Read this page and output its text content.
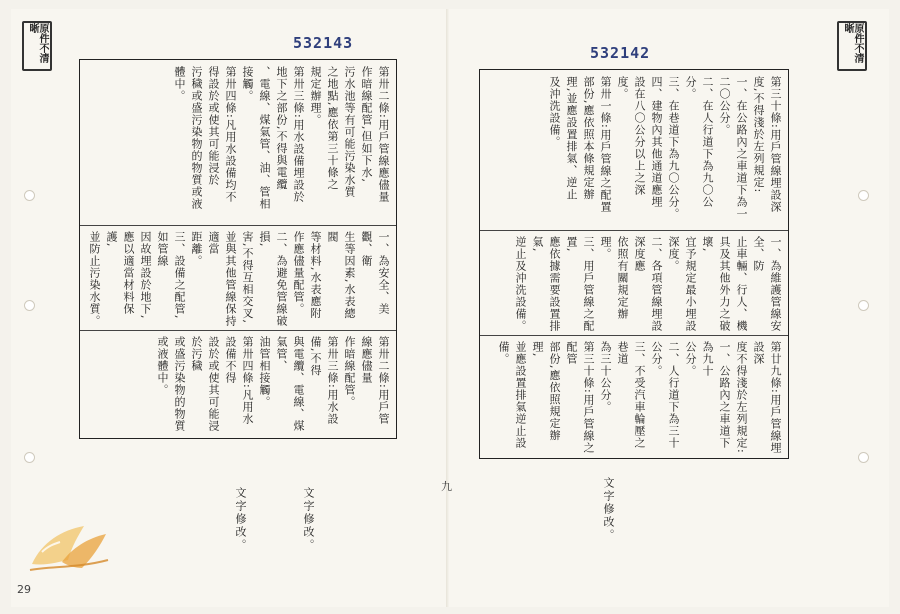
532143
第卅二條:用戶管線應儘量
作暗線配管,但如下水,
污水池等有可能污染水質
之地點,應依第三十條之
規定辦理。
第卅三條:用水設備埋設於
地下之部份,不得與電纜
、電線、煤氣管、油、管相
接觸。
第卅四條:凡用水設備均不
得設於或使其可能浸於
污穢或盛污染物的物質或液
體中。
一、為安全、美觀、衛
生等因素,水表總閥
等材料,水表應附
作應儘量配管。
二、為避免管線破損,
害,不得互相交叉,
並與其他管線保持適當
距離。
三、設備之配管,如管線
因故埋設於地下,
應以適當材料保護,
並防止污染水質。
第卅二條:用戶管線應儘量
作暗線配管。
第卅三條:用水設備,不得
與電纜、電線、煤氣管、
油管相接觸。
第卅四條:凡用水設備不得
設於或使其可能浸於污穢
或盛污染物的物質或液體中。
文字修改。	文字修改。
29
532142	原件不清晰
第三十條:用戶管線埋設深
度,不得淺於左列規定:
一、在公路內之車道下為一
二〇公分。
二、在人行道下為九〇公分。
三、在巷道下為九〇公分。
四、建物內其他通道應埋
設在八〇公分以上之深
度。
第卅一條:用戶管線之配置
部份,應依照本條規定辦
理,並應設置排氣、逆止
及沖洗設備。
一、為維護管線安全、防
止車輛、行人、機
具及其他外力之破壞,
宜予規定最小埋設深度。
二、各項管線埋設深度應
依照有關規定辦理。
三、用戶管線之配置,
應依據需要設置排氣,
逆止及沖洗設備。
第廿九條:用戶管線埋設深
度不得淺於左列規定:
一、公路內之車道下為九十
公分。
二、人行道下為三十公分。
三、不受汽車輪壓之巷道
為三十公分。
第三十條:用戶管線之配管
部份,應依照規定辦理,
並應設置排氣逆止設備。
文字修改。
九
原件不清晰
